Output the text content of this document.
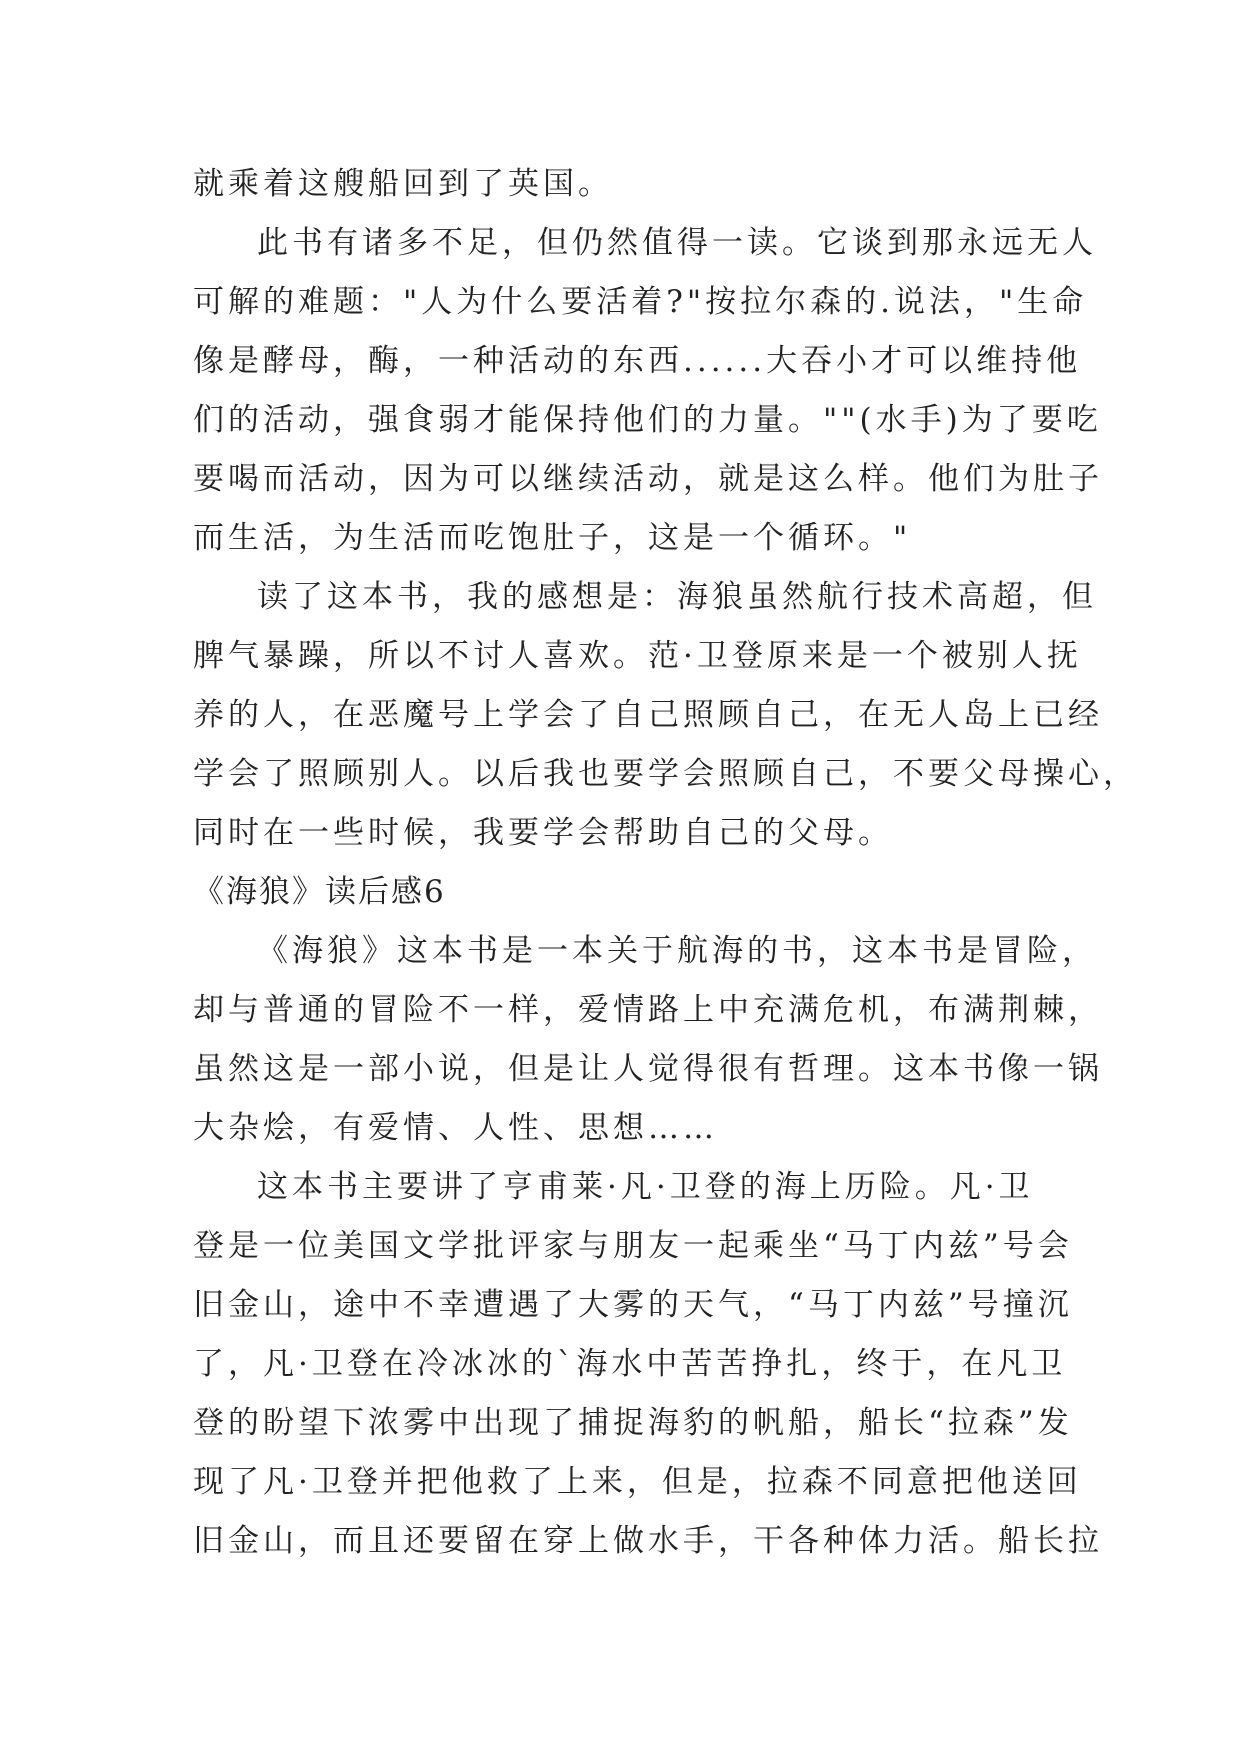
就乘着这艘船回到了英国。
此书有诸多不足，但仍然值得一读。它谈到那永远无人
可解的难题："人为什么要活着?"按拉尔森的.说法，"生命
像是酵母，酶，一种活动的东西......大吞小才可以维持他
们的活动，强食弱才能保持他们的力量。""(水手)为了要吃
要喝而活动，因为可以继续活动，就是这么样。他们为肚子
而生活，为生活而吃饱肚子，这是一个循环。"
读了这本书，我的感想是：海狼虽然航行技术高超，但
脾气暴躁，所以不讨人喜欢。范·卫登原来是一个被别人抚
养的人，在恶魔号上学会了自己照顾自己，在无人岛上已经
学会了照顾别人。以后我也要学会照顾自己，不要父母操心，
同时在一些时候，我要学会帮助自己的父母。
《海狼》读后感6
《海狼》这本书是一本关于航海的书，这本书是冒险，
却与普通的冒险不一样，爱情路上中充满危机，布满荆棘，
虽然这是一部小说，但是让人觉得很有哲理。这本书像一锅
大杂烩，有爱情、人性、思想……
这本书主要讲了亨甫莱·凡·卫登的海上历险。凡·卫
登是一位美国文学批评家与朋友一起乘坐“马丁内兹”号会
旧金山，途中不幸遭遇了大雾的天气，“马丁内兹”号撞沉
了，凡·卫登在冷冰冰的`海水中苦苦挣扎，终于，在凡卫
登的盼望下浓雾中出现了捕捉海豹的帆船，船长“拉森”发
现了凡·卫登并把他救了上来，但是，拉森不同意把他送回
旧金山，而且还要留在穿上做水手，干各种体力活。船长拉
